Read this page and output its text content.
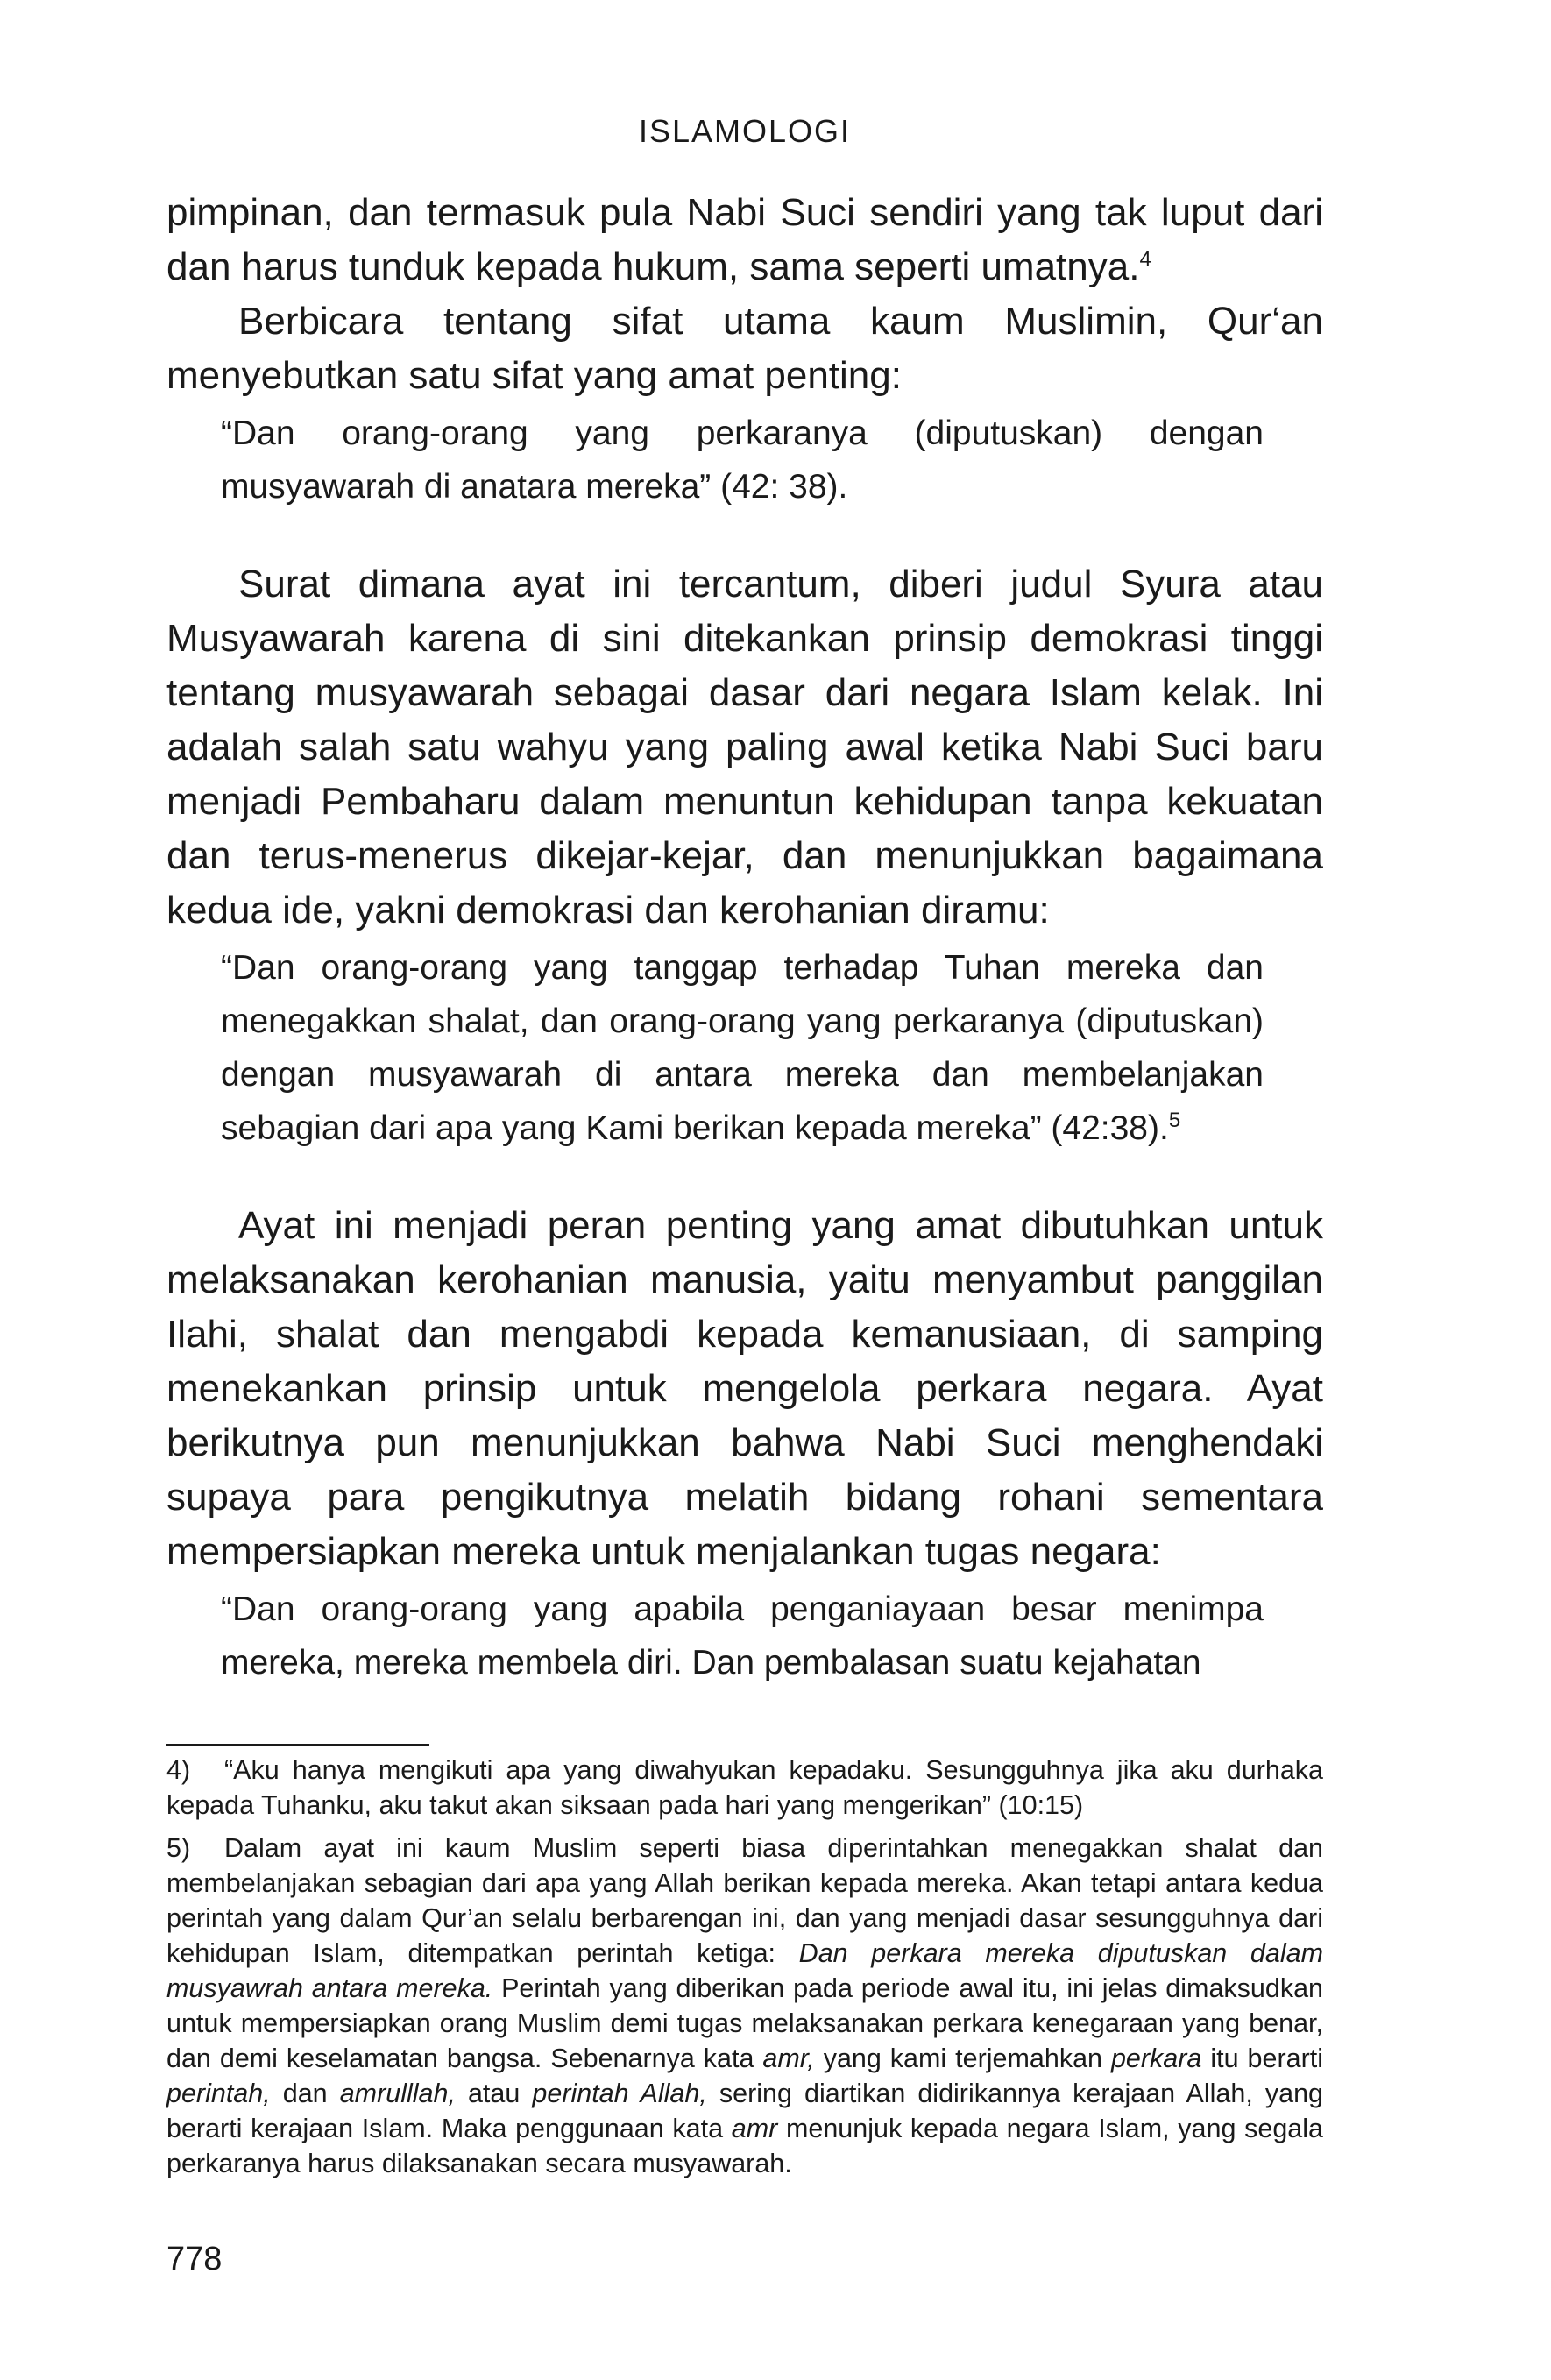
ISLAMOLOGI

pimpinan, dan termasuk pula Nabi Suci sendiri yang tak luput dari dan harus tunduk kepada hukum, sama seperti umatnya.$^4$

Berbicara tentang sifat utama kaum Muslimin, Qur‘an menyebutkan satu sifat yang amat penting:

“Dan orang-orang yang perkaranya (diputuskan) dengan musyawarah di anatara mereka” (42: 38).

Surat dimana ayat ini tercantum, diberi judul Syura atau Musyawarah karena di sini ditekankan prinsip demokrasi tinggi tentang musyawarah sebagai dasar dari negara Islam kelak. Ini adalah salah satu wahyu yang paling awal ketika Nabi Suci baru menjadi Pembaharu dalam menuntun kehidupan tanpa kekuatan dan terus-menerus dikejar-kejar, dan menunjukkan bagaimana kedua ide, yakni demokrasi dan kerohanian diramu:

“Dan orang-orang yang tanggap terhadap Tuhan mereka dan menegakkan shalat, dan orang-orang yang perkaranya (diputuskan) dengan musyawarah di antara mereka dan membelanjakan sebagian dari apa yang Kami berikan kepada mereka” (42:38).$^5$

Ayat ini menjadi peran penting yang amat dibutuhkan untuk melaksanakan kerohanian manusia, yaitu menyambut panggilan Ilahi, shalat dan mengabdi kepada kemanusiaan, di samping menekankan prinsip untuk mengelola perkara negara. Ayat berikutnya pun menunjukkan bahwa Nabi Suci menghendaki supaya para pengikutnya melatih bidang rohani sementara mempersiapkan mereka untuk menjalankan tugas negara:

“Dan orang-orang yang apabila penganiayaan besar menimpa mereka, mereka membela diri. Dan pembalasan suatu kejahatan

4) “Aku hanya mengikuti apa yang diwahyukan kepadaku. Sesungguhnya jika aku durhaka kepada Tuhanku, aku takut akan siksaan pada hari yang mengerikan” (10:15)

5) Dalam ayat ini kaum Muslim seperti biasa diperintahkan menegakkan shalat dan membelanjakan sebagian dari apa yang Allah berikan kepada mereka. Akan tetapi antara kedua perintah yang dalam Qur’an selalu berbarengan ini, dan yang menjadi dasar sesungguhnya dari kehidupan Islam, ditempatkan perintah ketiga: Dan perkara mereka diputuskan dalam musyawrah antara mereka. Perintah yang diberikan pada periode awal itu, ini jelas dimaksudkan untuk mempersiapkan orang Muslim demi tugas melaksanakan perkara kenegaraan yang benar, dan demi keselamatan bangsa. Sebenarnya kata amr, yang kami terjemahkan perkara itu berarti perintah, dan amrulllah, atau perintah Allah, sering diartikan didirikannya kerajaan Allah, yang berarti kerajaan Islam. Maka penggunaan kata amr menunjuk kepada negara Islam, yang segala perkaranya harus dilaksanakan secara musyawarah.

778
